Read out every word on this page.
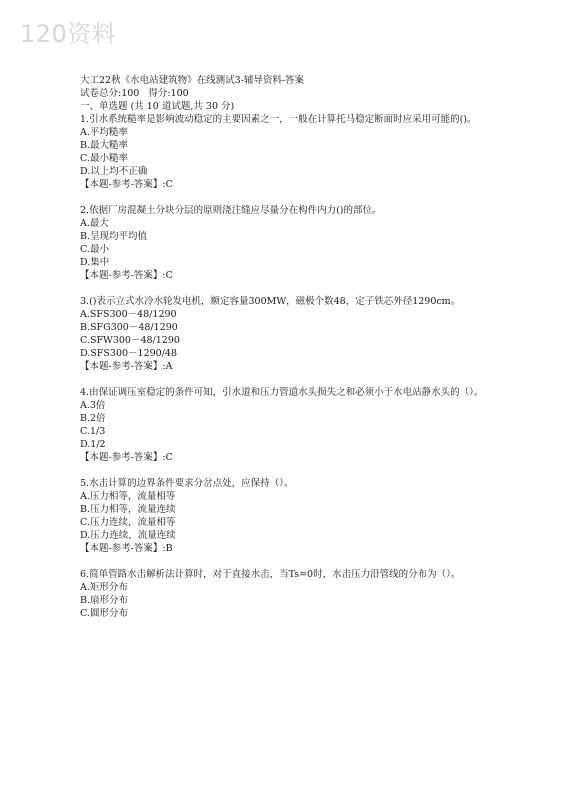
120资料
大工22秋《水电站建筑物》在线测试3-辅导资料-答案
试卷总分:100   得分:100
一、单选题 (共 10 道试题,共 30 分)
1.引水系统糙率是影响波动稳定的主要因素之一，一般在计算托马稳定断面时应采用可能的()。
A.平均糙率
B.最大糙率
C.最小糙率
D.以上均不正确
【本题-参考-答案】:C
2.依据厂房混凝土分块分层的原则浇注缝应尽量分在构件内力()的部位。
A.最大
B.呈现均平均值
C.最小
D.集中
【本题-参考-答案】:C
3.()表示立式水冷水轮发电机，额定容量300MW，磁极个数48，定子铁芯外径1290cm。
A.SFS300－48/1290
B.SFG300－48/1290
C.SFW300－48/1290
D.SFS300－1290/48
【本题-参考-答案】:A
4.由保证调压室稳定的条件可知，引水道和压力管道水头损失之和必须小于水电站静水头的（）。
A.3倍
B.2倍
C.1/3
D.1/2
【本题-参考-答案】:C
5.水击计算的边界条件要求分岔点处，应保持（）。
A.压力相等，流量相等
B.压力相等，流量连续
C.压力连续，流量相等
D.压力连续，流量连续
【本题-参考-答案】:B
6.简单管路水击解析法计算时，对于直接水击，当Ts=0时，水击压力沿管线的分布为（）。
A.矩形分布
B.扇形分布
C.圆形分布
